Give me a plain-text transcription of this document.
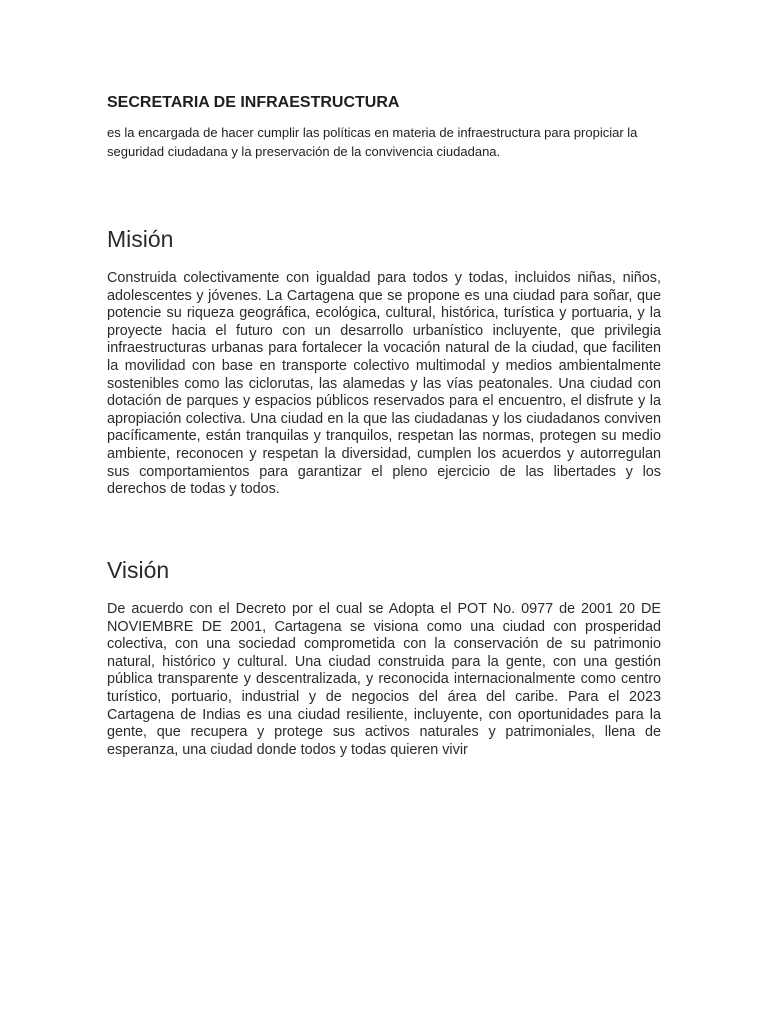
SECRETARIA DE INFRAESTRUCTURA

es la encargada de hacer cumplir las políticas en materia de infraestructura para propiciar la seguridad ciudadana y la preservación de la convivencia ciudadana.

Misión

Construida colectivamente con igualdad para todos y todas, incluidos niñas, niños, adolescentes y jóvenes. La Cartagena que se propone es una ciudad para soñar, que potencie su riqueza geográfica, ecológica, cultural, histórica, turística y portuaria, y la proyecte hacia el futuro con un desarrollo urbanístico incluyente, que privilegia infraestructuras urbanas para fortalecer la vocación natural de la ciudad, que faciliten la movilidad con base en transporte colectivo multimodal y medios ambientalmente sostenibles como las ciclorutas, las alamedas y las vías peatonales. Una ciudad con dotación de parques y espacios públicos reservados para el encuentro, el disfrute y la apropiación colectiva. Una ciudad en la que las ciudadanas y los ciudadanos conviven pacíficamente, están tranquilas y tranquilos, respetan las normas, protegen su medio ambiente, reconocen y respetan la diversidad, cumplen los acuerdos y autorregulan sus comportamientos para garantizar el pleno ejercicio de las libertades y los derechos de todas y todos.

Visión

De acuerdo con el Decreto por el cual se Adopta el POT No. 0977 de 2001 20 DE NOVIEMBRE DE 2001, Cartagena se visiona como una ciudad con prosperidad colectiva, con una sociedad comprometida con la conservación de su patrimonio natural, histórico y cultural. Una ciudad construida para la gente, con una gestión pública transparente y descentralizada, y reconocida internacionalmente como centro turístico, portuario, industrial y de negocios del área del caribe. Para el 2023 Cartagena de Indias es una ciudad resiliente, incluyente, con oportunidades para la gente, que recupera y protege sus activos naturales y patrimoniales, llena de esperanza, una ciudad donde todos y todas quieren vivir
